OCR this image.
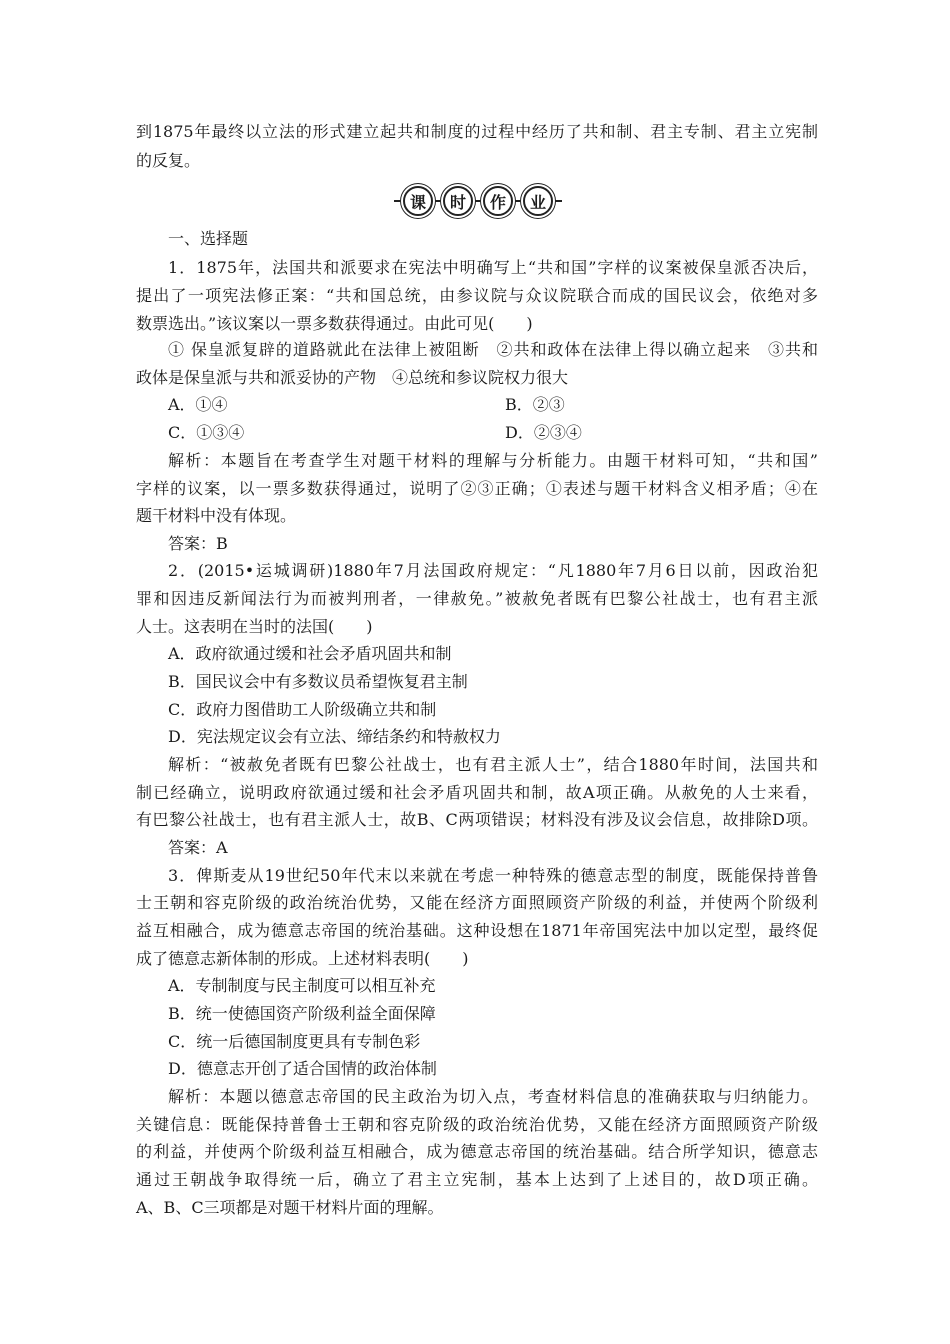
到1875年最终以立法的形式建立起共和制度的过程中经历了共和制、君主专制、君主立宪制
的反复。
课	时	作	业
一、选择题
1．1875年，法国共和派要求在宪法中明确写上“共和国”字样的议案被保皇派否决后，
提出了一项宪法修正案：“共和国总统，由参议院与众议院联合而成的国民议会，依绝对多
数票选出。”该议案以一票多数获得通过。由此可见(　　)
① 保皇派复辟的道路就此在法律上被阻断　②共和政体在法律上得以确立起来　③共和
政体是保皇派与共和派妥协的产物　④总统和参议院权力很大
A．①④	B．②③
C．①③④	D．②③④
解析：本题旨在考查学生对题干材料的理解与分析能力。由题干材料可知，“共和国”
字样的议案，以一票多数获得通过，说明了②③正确；①表述与题干材料含义相矛盾；④在
题干材料中没有体现。
答案：B
2．(2015•运城调研)1880年7月法国政府规定：“凡1880年7月6日以前，因政治犯
罪和因违反新闻法行为而被判刑者，一律赦免。”被赦免者既有巴黎公社战士，也有君主派
人士。这表明在当时的法国(　　)
A．政府欲通过缓和社会矛盾巩固共和制
B．国民议会中有多数议员希望恢复君主制
C．政府力图借助工人阶级确立共和制
D．宪法规定议会有立法、缔结条约和特赦权力
解析：“被赦免者既有巴黎公社战士，也有君主派人士”，结合1880年时间，法国共和
制已经确立，说明政府欲通过缓和社会矛盾巩固共和制，故A项正确。从赦免的人士来看，
有巴黎公社战士，也有君主派人士，故B、C两项错误；材料没有涉及议会信息，故排除D项。
答案：A
3．俾斯麦从19世纪50年代末以来就在考虑一种特殊的德意志型的制度，既能保持普鲁
士王朝和容克阶级的政治统治优势，又能在经济方面照顾资产阶级的利益，并使两个阶级利
益互相融合，成为德意志帝国的统治基础。这种设想在1871年帝国宪法中加以定型，最终促
成了德意志新体制的形成。上述材料表明(　　)
A．专制制度与民主制度可以相互补充
B．统一使德国资产阶级利益全面保障
C．统一后德国制度更具有专制色彩
D．德意志开创了适合国情的政治体制
解析：本题以德意志帝国的民主政治为切入点，考查材料信息的准确获取与归纳能力。
关键信息：既能保持普鲁士王朝和容克阶级的政治统治优势，又能在经济方面照顾资产阶级
的利益，并使两个阶级利益互相融合，成为德意志帝国的统治基础。结合所学知识，德意志
通过王朝战争取得统一后，确立了君主立宪制，基本上达到了上述目的，故D项正确。
A、B、C三项都是对题干材料片面的理解。
